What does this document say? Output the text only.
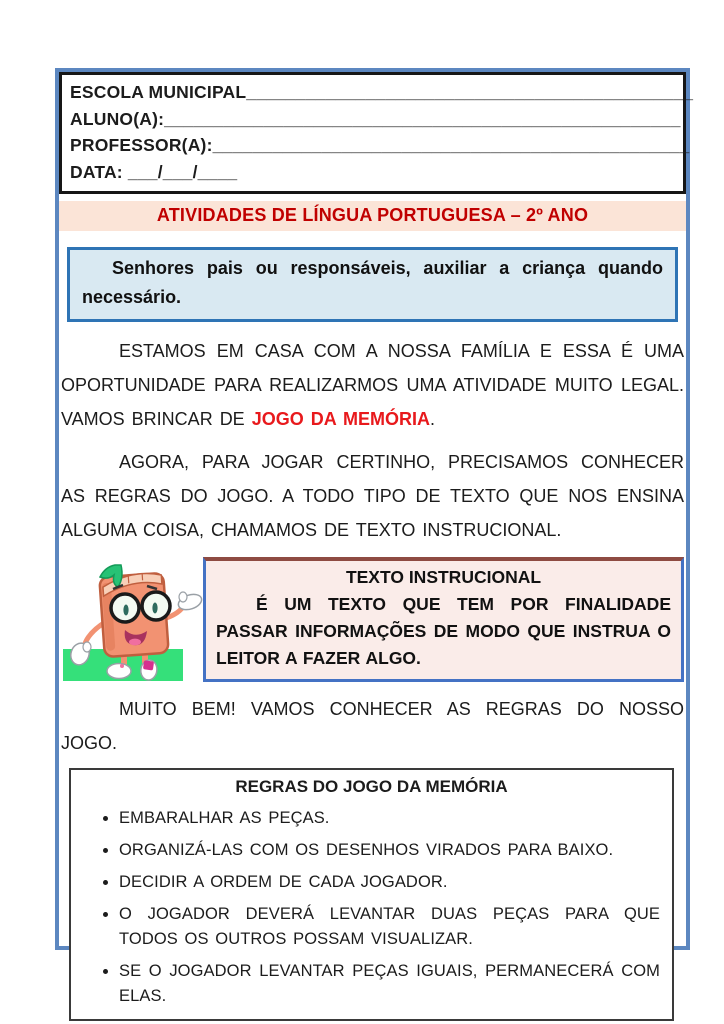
ESCOLA MUNICIPAL_____________________________________________
ALUNO(A):____________________________________________________
PROFESSOR(A):________________________________________________
DATA: ___/___/____
ATIVIDADES DE LÍNGUA PORTUGUESA – 2º ANO
Senhores pais ou responsáveis, auxiliar a criança quando necessário.
ESTAMOS EM CASA COM A NOSSA FAMÍLIA E ESSA É UMA OPORTUNIDADE PARA REALIZARMOS UMA ATIVIDADE MUITO LEGAL. VAMOS BRINCAR DE JOGO DA MEMÓRIA.
AGORA, PARA JOGAR CERTINHO, PRECISAMOS CONHECER AS REGRAS DO JOGO. A TODO TIPO DE TEXTO QUE NOS ENSINA ALGUMA COISA, CHAMAMOS DE TEXTO INSTRUCIONAL.
TEXTO INSTRUCIONAL
É UM TEXTO QUE TEM POR FINALIDADE PASSAR INFORMAÇÕES DE MODO QUE INSTRUA O LEITOR A FAZER ALGO.
MUITO BEM! VAMOS CONHECER AS REGRAS DO NOSSO JOGO.
REGRAS DO JOGO DA MEMÓRIA
• EMBARALHAR AS PEÇAS.
• ORGANIZÁ-LAS COM OS DESENHOS VIRADOS PARA BAIXO.
• DECIDIR A ORDEM DE CADA JOGADOR.
• O JOGADOR DEVERÁ LEVANTAR DUAS PEÇAS PARA QUE TODOS OS OUTROS POSSAM VISUALIZAR.
• SE O JOGADOR LEVANTAR PEÇAS IGUAIS, PERMANECERÁ COM ELAS.
